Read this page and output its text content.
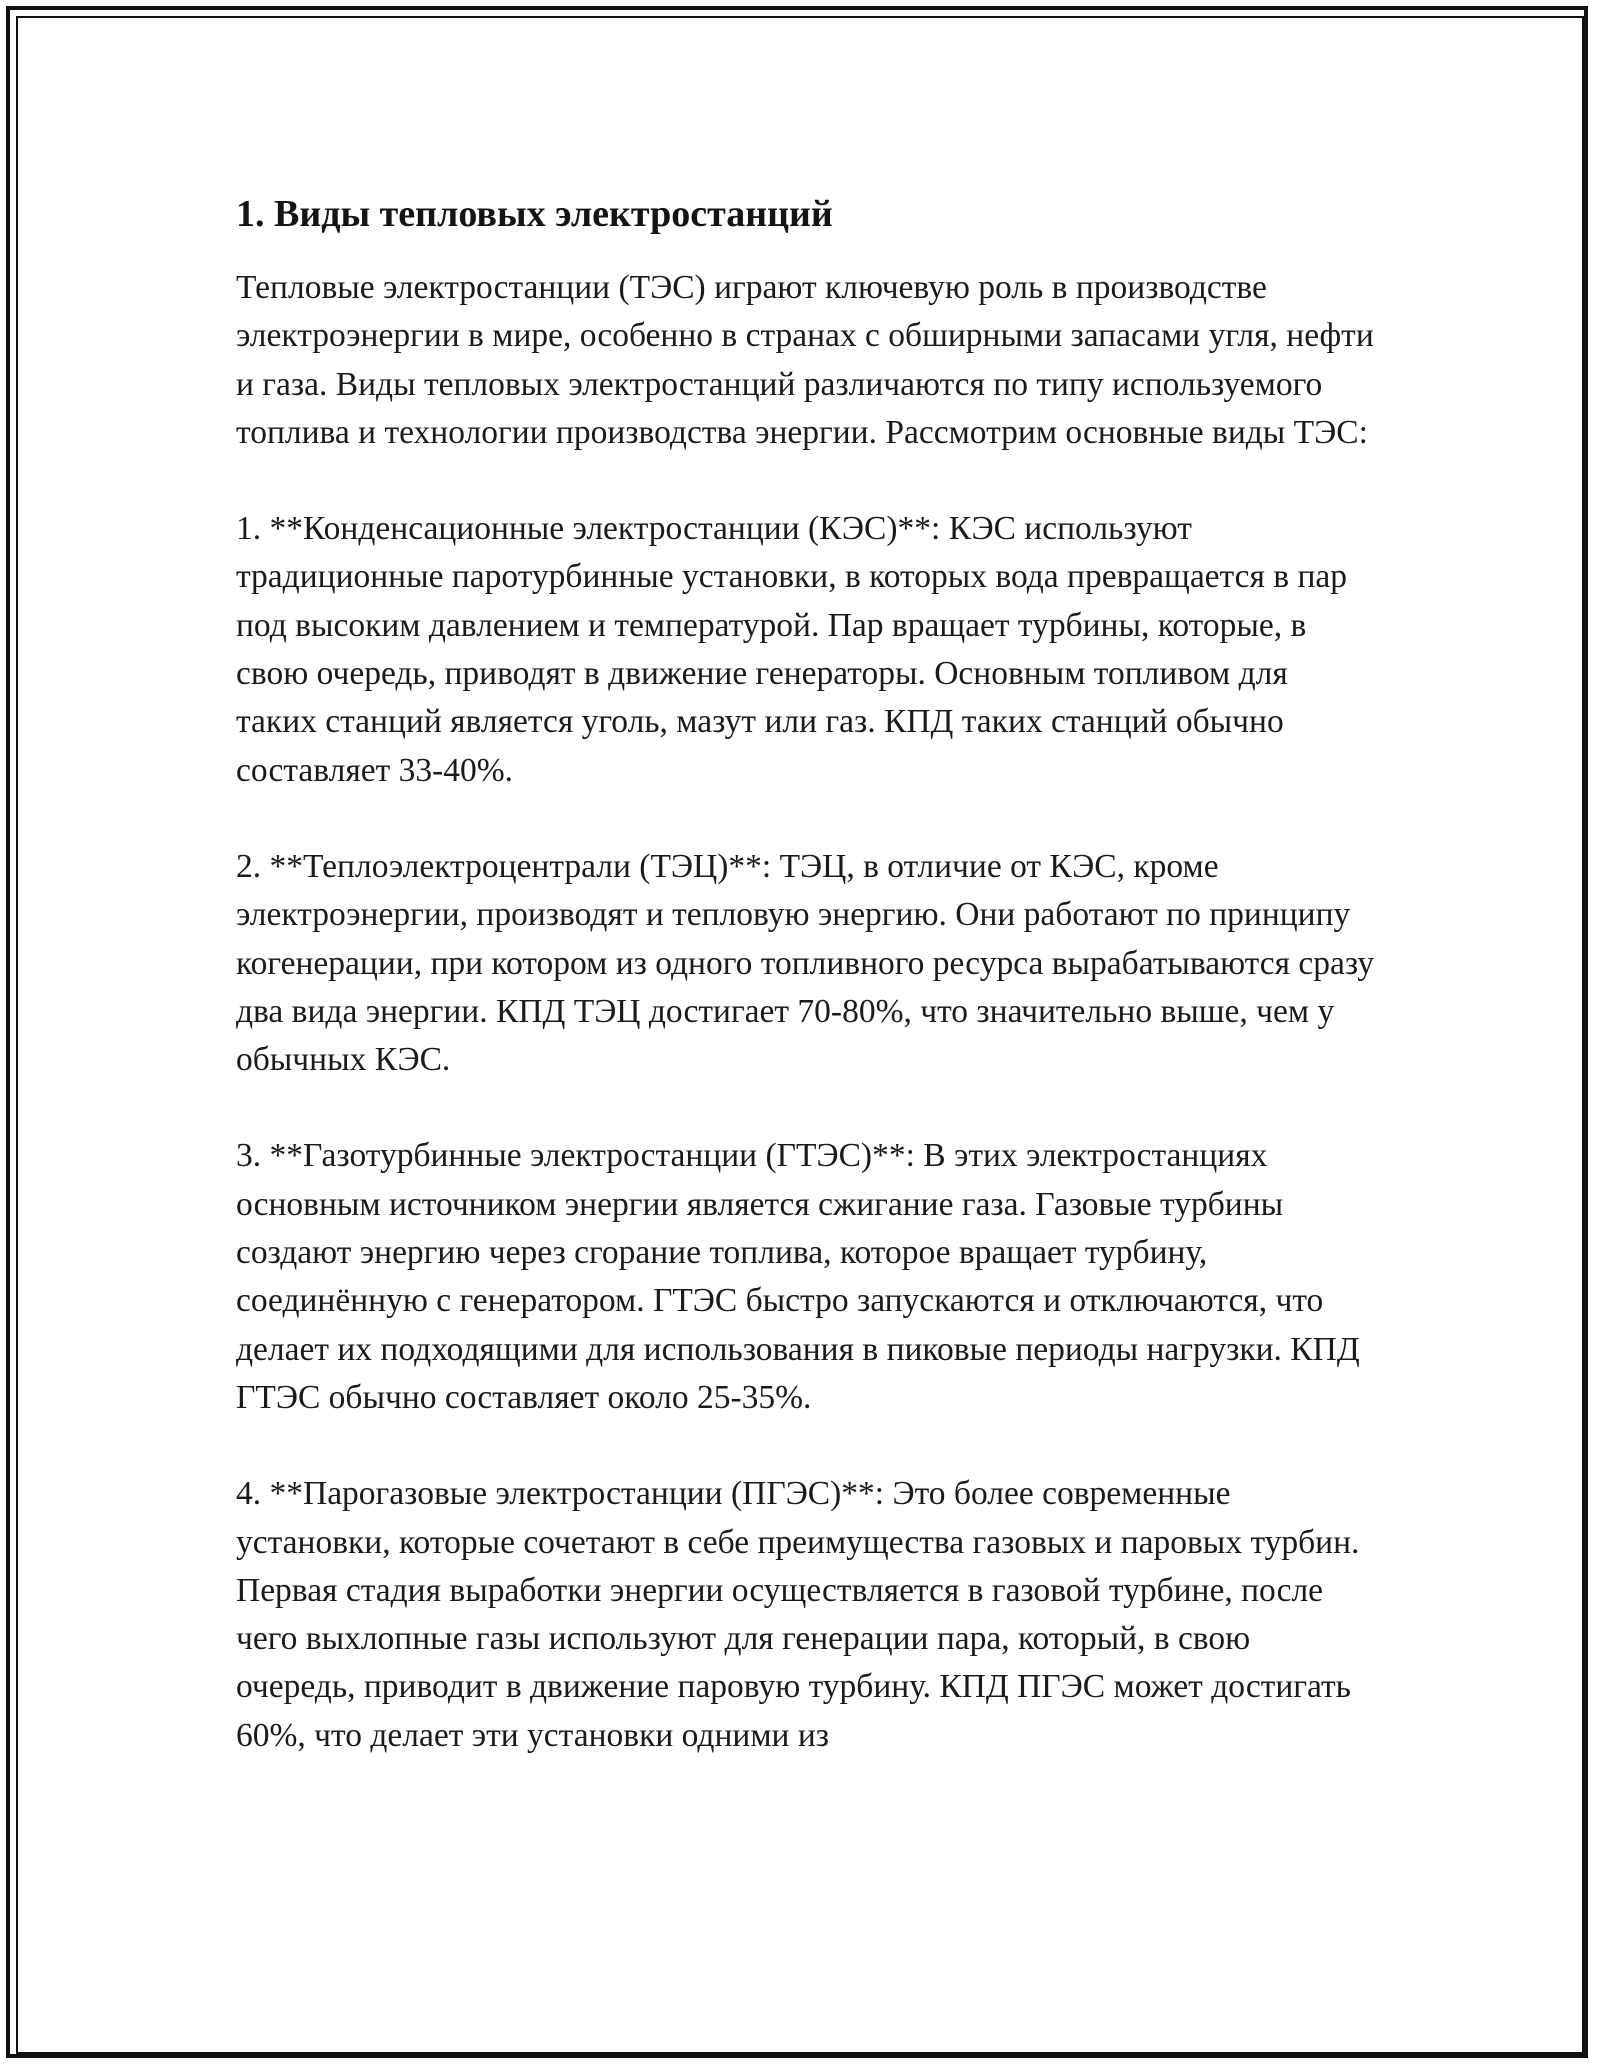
1. Виды тепловых электростанций

Тепловые электростанции (ТЭС) играют ключевую роль в производстве электроэнергии в мире, особенно в странах с обширными запасами угля, нефти и газа. Виды тепловых электростанций различаются по типу используемого топлива и технологии производства энергии. Рассмотрим основные виды ТЭС:

1. **Конденсационные электростанции (КЭС)**: КЭС используют традиционные паротурбинные установки, в которых вода превращается в пар под высоким давлением и температурой. Пар вращает турбины, которые, в свою очередь, приводят в движение генераторы. Основным топливом для таких станций является уголь, мазут или газ. КПД таких станций обычно составляет 33-40%.

2. **Теплоэлектроцентрали (ТЭЦ)**: ТЭЦ, в отличие от КЭС, кроме электроэнергии, производят и тепловую энергию. Они работают по принципу когенерации, при котором из одного топливного ресурса вырабатываются сразу два вида энергии. КПД ТЭЦ достигает 70-80%, что значительно выше, чем у обычных КЭС.

3. **Газотурбинные электростанции (ГТЭС)**: В этих электростанциях основным источником энергии является сжигание газа. Газовые турбины создают энергию через сгорание топлива, которое вращает турбину, соединённую с генератором. ГТЭС быстро запускаются и отключаются, что делает их подходящими для использования в пиковые периоды нагрузки. КПД ГТЭС обычно составляет около 25-35%.

4. **Парогазовые электростанции (ПГЭС)**: Это более современные установки, которые сочетают в себе преимущества газовых и паровых турбин. Первая стадия выработки энергии осуществляется в газовой турбине, после чего выхлопные газы используют для генерации пара, который, в свою очередь, приводит в движение паровую турбину. КПД ПГЭС может достигать 60%, что делает эти установки одними из
